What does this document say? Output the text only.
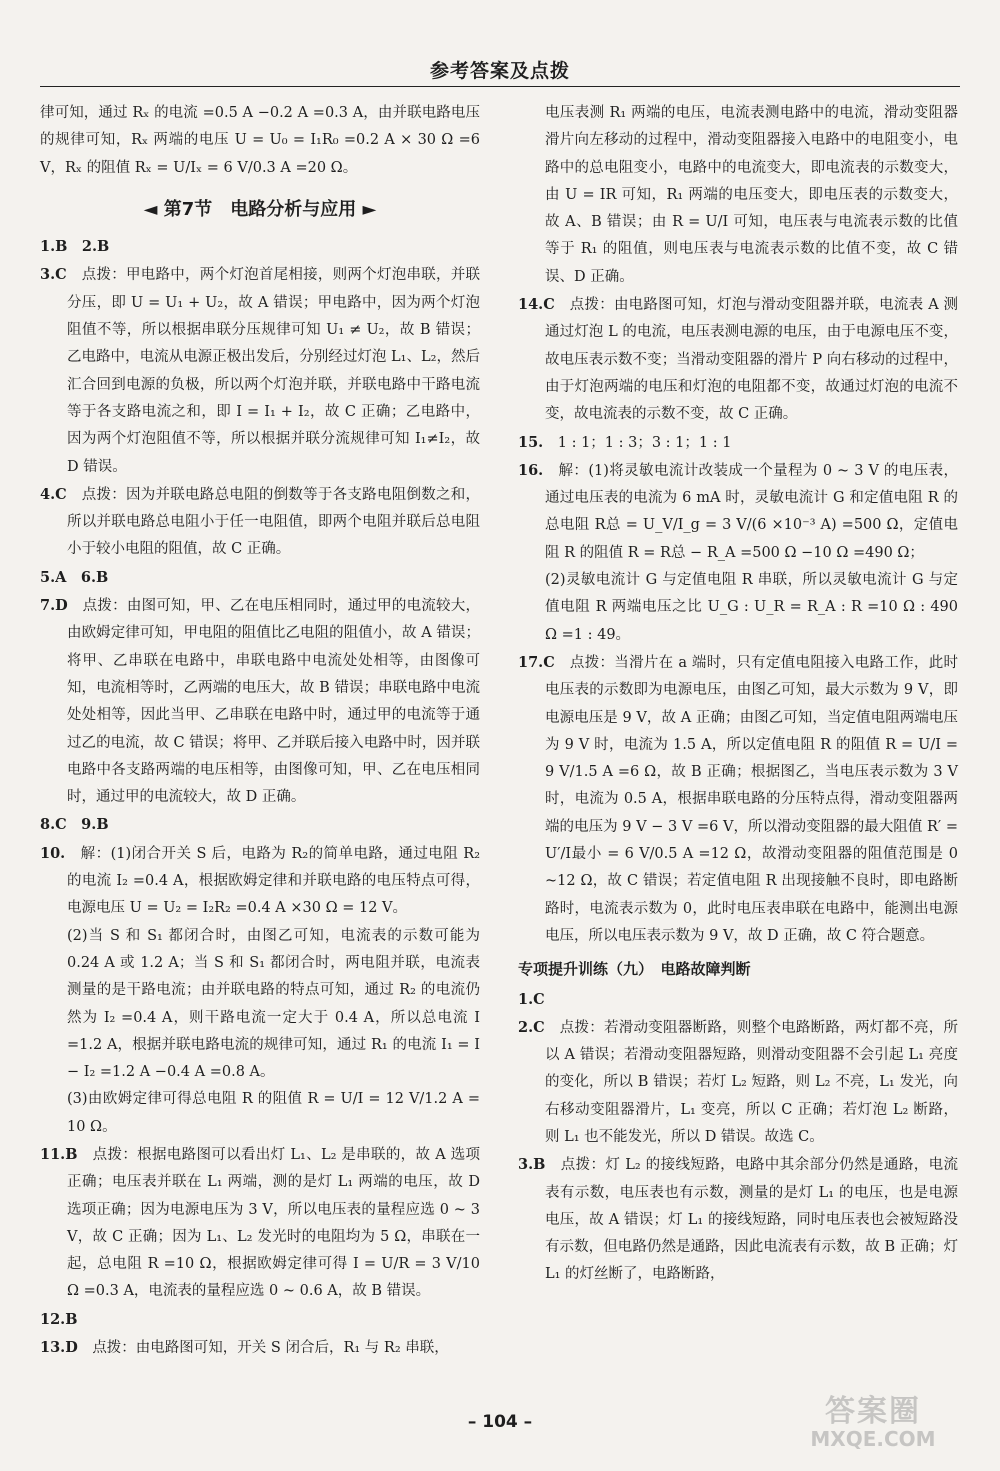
参考答案及点拨

律可知，通过 Rₓ 的电流 =0.5 A −0.2 A =0.3 A，由并联电路电压的规律可知，Rₓ 两端的电压 U = U₀ = I₁R₀ =0.2 A × 30 Ω =6 V，Rₓ 的阻值 Rₓ = U/Iₓ = 6 V/0.3 A =20 Ω。

◄ 第7节　电路分析与应用 ►

1.B　2.B　

3.C　 点拨：甲电路中，两个灯泡首尾相接，则两个灯泡串联，并联分压，即 U = U₁ + U₂，故 A 错误；甲电路中，因为两个灯泡阻值不等，所以根据串联分压规律可知 U₁ ≠ U₂，故 B 错误；乙电路中，电流从电源正极出发后，分别经过灯泡 L₁、L₂，然后汇合回到电源的负极，所以两个灯泡并联，并联电路中干路电流等于各支路电流之和，即 I = I₁ + I₂，故 C 正确；乙电路中，因为两个灯泡阻值不等，所以根据并联分流规律可知 I₁≠I₂，故 D 错误。

4.C　 点拨：因为并联电路总电阻的倒数等于各支路电阻倒数之和，所以并联电路总电阻小于任一电阻值，即两个电阻并联后总电阻小于较小电阻的阻值，故 C 正确。

5.A　6.B　

7.D　 点拨：由图可知，甲、乙在电压相同时，通过甲的电流较大，由欧姆定律可知，甲电阻的阻值比乙电阻的阻值小，故 A 错误；将甲、乙串联在电路中，串联电路中电流处处相等，由图像可知，电流相等时，乙两端的电压大，故 B 错误；串联电路中电流处处相等，因此当甲、乙串联在电路中时，通过甲的电流等于通过乙的电流，故 C 错误；将甲、乙并联后接入电路中时，因并联电路中各支路两端的电压相等，由图像可知，甲、乙在电压相同时，通过甲的电流较大，故 D 正确。

8.C　9.B　

10.　 解：(1)闭合开关 S 后，电路为 R₂的简单电路，通过电阻 R₂的电流 I₂ =0.4 A，根据欧姆定律和并联电路的电压特点可得，电源电压 U = U₂ = I₂R₂ =0.4 A ×30 Ω = 12 V。

(2)当 S 和 S₁ 都闭合时，由图乙可知，电流表的示数可能为 0.24 A 或 1.2 A；当 S 和 S₁ 都闭合时，两电阻并联，电流表测量的是干路电流；由并联电路的特点可知，通过 R₂ 的电流仍然为 I₂ =0.4 A，则干路电流一定大于 0.4 A，所以总电流 I =1.2 A，根据并联电路电流的规律可知，通过 R₁ 的电流 I₁ = I − I₂ =1.2 A −0.4 A =0.8 A。

(3)由欧姆定律可得总电阻 R 的阻值 R = U/I = 12 V/1.2 A = 10 Ω。

11.B　 点拨：根据电路图可以看出灯 L₁、L₂ 是串联的，故 A 选项正确；电压表并联在 L₁ 两端，测的是灯 L₁ 两端的电压，故 D 选项正确；因为电源电压为 3 V，所以电压表的量程应选 0 ~ 3 V，故 C 正确；因为 L₁、L₂ 发光时的电阻均为 5 Ω，串联在一起，总电阻 R =10 Ω，根据欧姆定律可得 I = U/R = 3 V/10 Ω =0.3 A，电流表的量程应选 0 ~ 0.6 A，故 B 错误。

12.B　

13.D　 点拨：由电路图可知，开关 S 闭合后，R₁ 与 R₂ 串联，

电压表测 R₁ 两端的电压，电流表测电路中的电流，滑动变阻器滑片向左移动的过程中，滑动变阻器接入电路中的电阻变小，电路中的总电阻变小，电路中的电流变大，即电流表的示数变大，由 U = IR 可知，R₁ 两端的电压变大，即电压表的示数变大，故 A、B 错误；由 R = U/I 可知，电压表与电流表示数的比值等于 R₁ 的阻值，则电压表与电流表示数的比值不变，故 C 错误、D 正确。

14.C　 点拨：由电路图可知，灯泡与滑动变阻器并联，电流表 A 测通过灯泡 L 的电流，电压表测电源的电压，由于电源电压不变，故电压表示数不变；当滑动变阻器的滑片 P 向右移动的过程中，由于灯泡两端的电压和灯泡的电阻都不变，故通过灯泡的电流不变，故电流表的示数不变，故 C 正确。

15.　 1 : 1；1 : 3；3 : 1；1 : 1

16.　 解：(1)将灵敏电流计改装成一个量程为 0 ~ 3 V 的电压表，通过电压表的电流为 6 mA 时，灵敏电流计 G 和定值电阻 R 的总电阻 R总 = U_V/I_g = 3 V/(6 ×10⁻³ A) =500 Ω，定值电阻 R 的阻值 R = R总 − R_A =500 Ω −10 Ω =490 Ω；

(2)灵敏电流计 G 与定值电阻 R 串联，所以灵敏电流计 G 与定值电阻 R 两端电压之比 U_G : U_R = R_A : R =10 Ω : 490 Ω =1 : 49。

17.C　 点拨：当滑片在 a 端时，只有定值电阻接入电路工作，此时电压表的示数即为电源电压，由图乙可知，最大示数为 9 V，即电源电压是 9 V，故 A 正确；由图乙可知，当定值电阻两端电压为 9 V 时，电流为 1.5 A，所以定值电阻 R 的阻值 R = U/I = 9 V/1.5 A =6 Ω，故 B 正确；根据图乙，当电压表示数为 3 V 时，电流为 0.5 A，根据串联电路的分压特点得，滑动变阻器两端的电压为 9 V − 3 V =6 V，所以滑动变阻器的最大阻值 R′ = U′/I最小 = 6 V/0.5 A =12 Ω，故滑动变阻器的阻值范围是 0 ~12 Ω，故 C 错误；若定值电阻 R 出现接触不良时，即电路断路时，电流表示数为 0，此时电压表串联在电路中，能测出电源电压，所以电压表示数为 9 V，故 D 正确，故 C 符合题意。

专项提升训练（九）　电路故障判断

1.C　

2.C　 点拨：若滑动变阻器断路，则整个电路断路，两灯都不亮，所以 A 错误；若滑动变阻器短路，则滑动变阻器不会引起 L₁ 亮度的变化，所以 B 错误；若灯 L₂ 短路，则 L₂ 不亮，L₁ 发光，向右移动变阻器滑片，L₁ 变亮，所以 C 正确；若灯泡 L₂ 断路，则 L₁ 也不能发光，所以 D 错误。故选 C。

3.B　 点拨：灯 L₂ 的接线短路，电路中其余部分仍然是通路，电流表有示数，电压表也有示数，测量的是灯 L₁ 的电压，也是电源电压，故 A 错误；灯 L₁ 的接线短路，同时电压表也会被短路没有示数，但电路仍然是通路，因此电流表有示数，故 B 正确；灯 L₁ 的灯丝断了，电路断路，

– 104 –	答案圈
MXQE.COM
